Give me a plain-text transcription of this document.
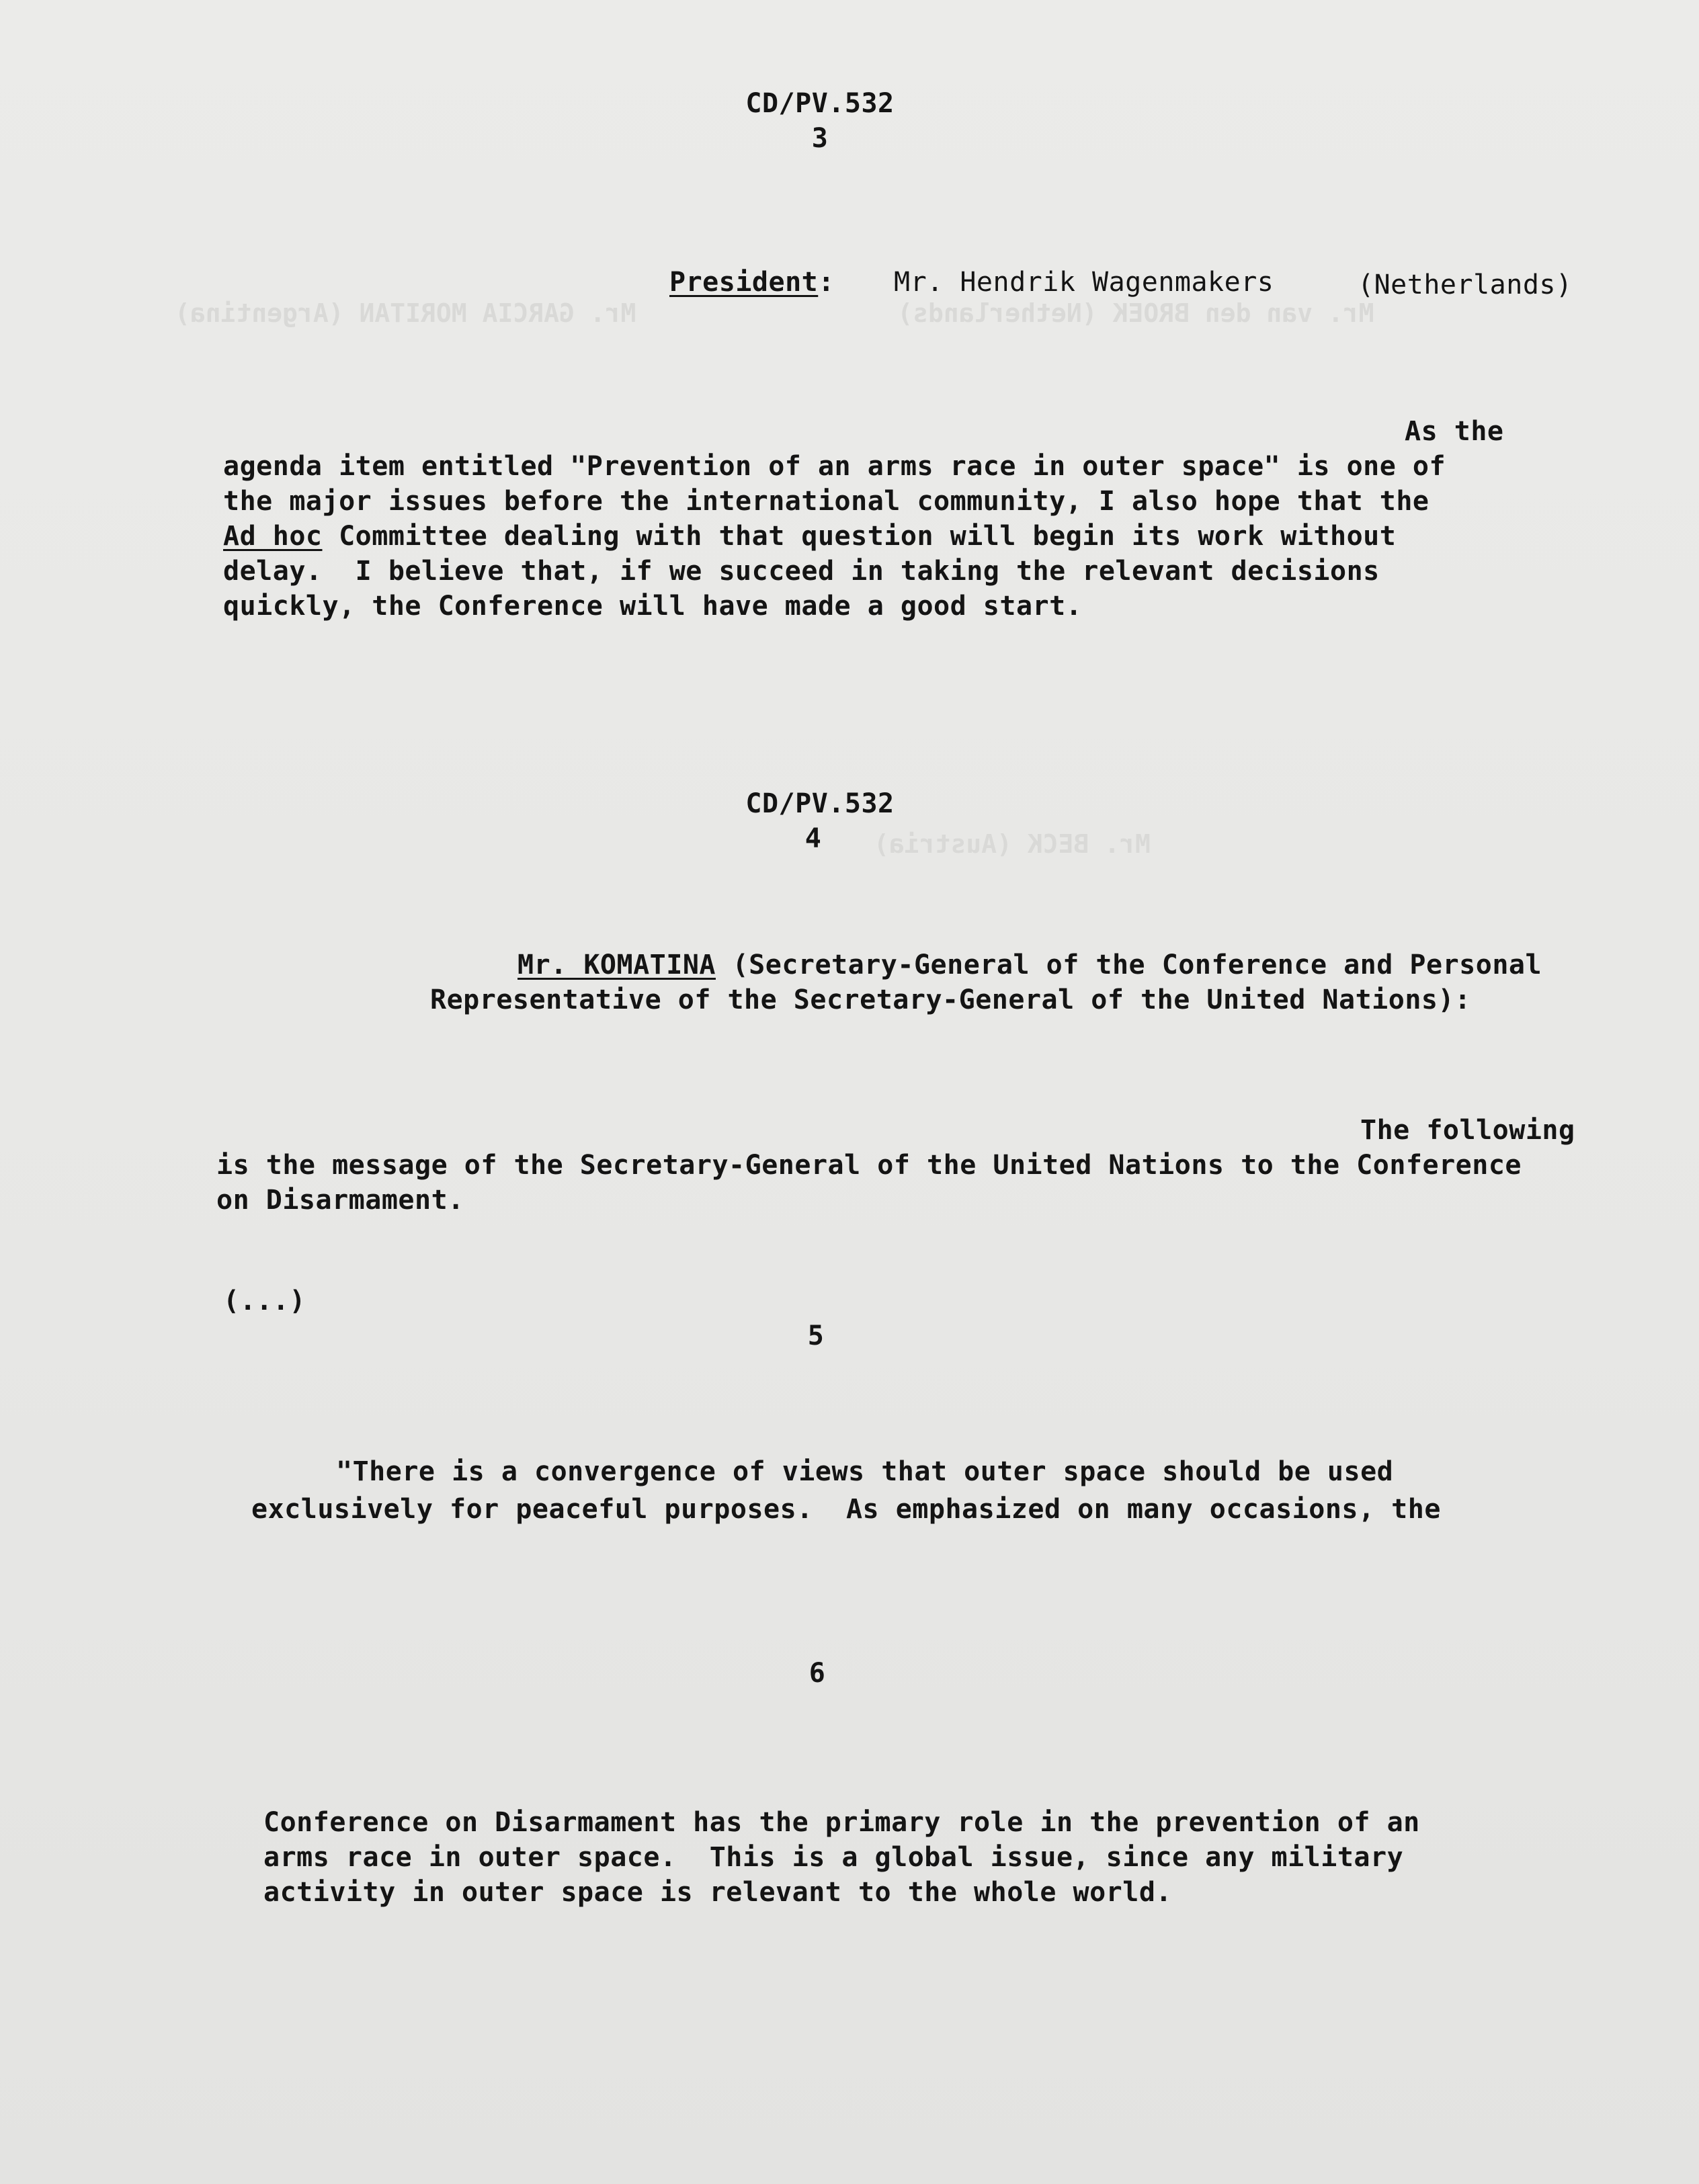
Mr. van den BROEK (Netherlands)                 Mr. GARCIA MORITAN (Argentina)
Mr. BECK (Austria)
CD/PV.532
3
President: Mr. Hendrik Wagenmakers	(Netherlands)
As the
agenda item entitled "Prevention of an arms race in outer space" is one of
the major issues before the international community, I also hope that the
Ad hoc Committee dealing with that question will begin its work without
delay.  I believe that, if we succeed in taking the relevant decisions
quickly, the Conference will have made a good start.
CD/PV.532
4
Mr. KOMATINA (Secretary-General of the Conference and Personal
Representative of the Secretary-General of the United Nations):
The following
is the message of the Secretary-General of the United Nations to the Conference
on Disarmament.
(...)
5
"There is a convergence of views that outer space should be used
exclusively for peaceful purposes.  As emphasized on many occasions, the
6
Conference on Disarmament has the primary role in the prevention of an
arms race in outer space.  This is a global issue, since any military
activity in outer space is relevant to the whole world.
